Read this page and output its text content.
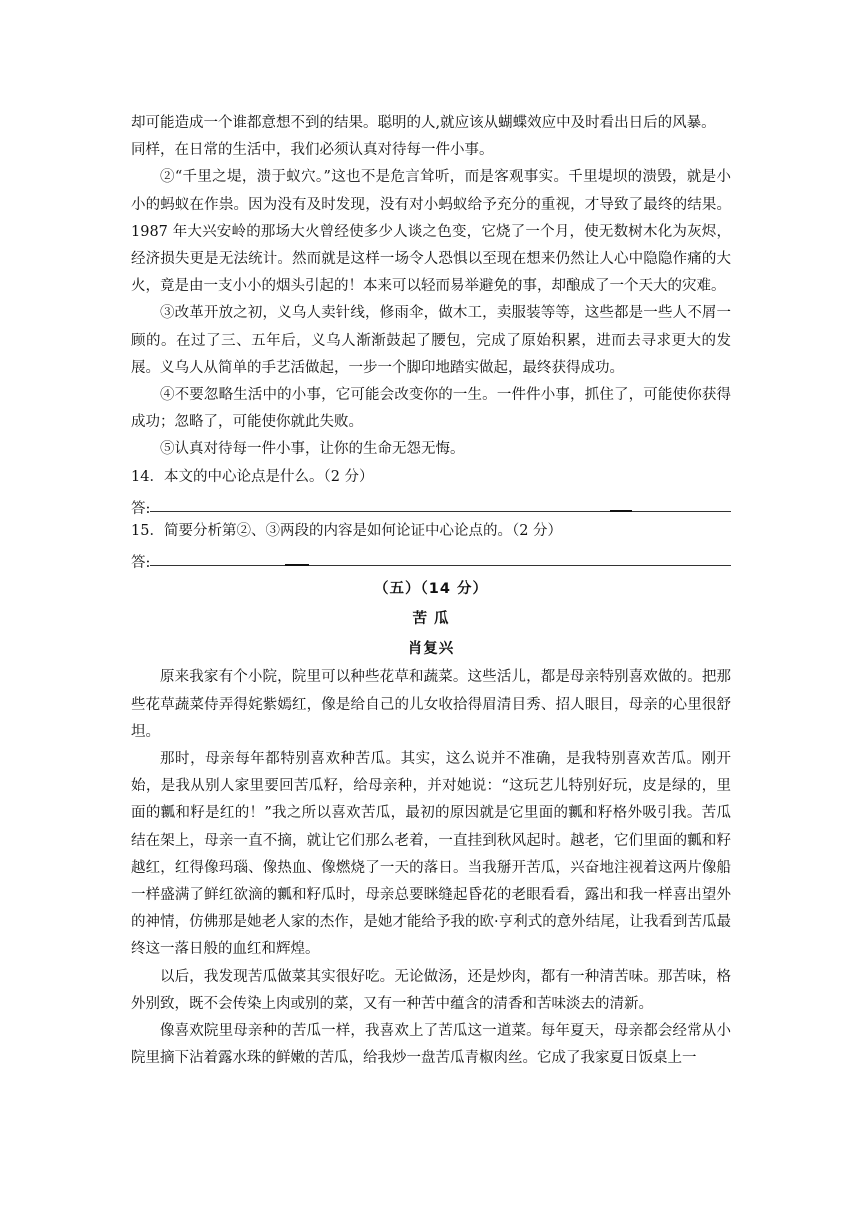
却可能造成一个谁都意想不到的结果。聪明的人,就应该从蝴蝶效应中及时看出日后的风暴。
同样，在日常的生活中，我们必须认真对待每一件小事。

②“千里之堤，溃于蚁穴。”这也不是危言耸听，而是客观事实。千里堤坝的溃毁，就是小小的蚂蚁在作祟。因为没有及时发现，没有对小蚂蚁给予充分的重视，才导致了最终的结果。1987 年大兴安岭的那场大火曾经使多少人谈之色变，它烧了一个月，使无数树木化为灰烬，经济损失更是无法统计。然而就是这样一场令人恐惧以至现在想来仍然让人心中隐隐作痛的大火，竟是由一支小小的烟头引起的！本来可以轻而易举避免的事，却酿成了一个天大的灾难。

③改革开放之初，义乌人卖针线，修雨伞，做木工，卖服装等等，这些都是一些人不屑一顾的。在过了三、五年后，义乌人渐渐鼓起了腰包，完成了原始积累，进而去寻求更大的发展。义乌人从简单的手艺活做起，一步一个脚印地踏实做起，最终获得成功。

④不要忽略生活中的小事，它可能会改变你的一生。一件件小事，抓住了，可能使你获得成功；忽略了，可能使你就此失败。

⑤认真对待每一件小事，让你的生命无怨无悔。

14．本文的中心论点是什么。（2 分）
答:
15．简要分析第②、③两段的内容是如何论证中心论点的。（2 分）
答:
（五）（14 分）
苦 瓜
肖复兴

原来我家有个小院，院里可以种些花草和蔬菜。这些活儿，都是母亲特别喜欢做的。把那些花草蔬菜侍弄得姹紫嫣红，像是给自己的儿女收拾得眉清目秀、招人眼目，母亲的心里很舒坦。

那时，母亲每年都特别喜欢种苦瓜。其实，这么说并不准确，是我特别喜欢苦瓜。刚开始，是我从别人家里要回苦瓜籽，给母亲种，并对她说：“这玩艺儿特别好玩，皮是绿的，里面的瓤和籽是红的！”我之所以喜欢苦瓜，最初的原因就是它里面的瓤和籽格外吸引我。苦瓜结在架上，母亲一直不摘，就让它们那么老着，一直挂到秋风起时。越老，它们里面的瓤和籽越红，红得像玛瑙、像热血、像燃烧了一天的落日。当我掰开苦瓜，兴奋地注视着这两片像船一样盛满了鲜红欲滴的瓤和籽瓜时，母亲总要眯缝起昏花的老眼看看，露出和我一样喜出望外的神情，仿佛那是她老人家的杰作，是她才能给予我的欧·亨利式的意外结尾，让我看到苦瓜最终这一落日般的血红和辉煌。

以后，我发现苦瓜做菜其实很好吃。无论做汤，还是炒肉，都有一种清苦味。那苦味，格外别致，既不会传染上肉或别的菜，又有一种苦中蕴含的清香和苦味淡去的清新。

像喜欢院里母亲种的苦瓜一样，我喜欢上了苦瓜这一道菜。每年夏天，母亲都会经常从小院里摘下沾着露水珠的鲜嫩的苦瓜，给我炒一盘苦瓜青椒肉丝。它成了我家夏日饭桌上一
